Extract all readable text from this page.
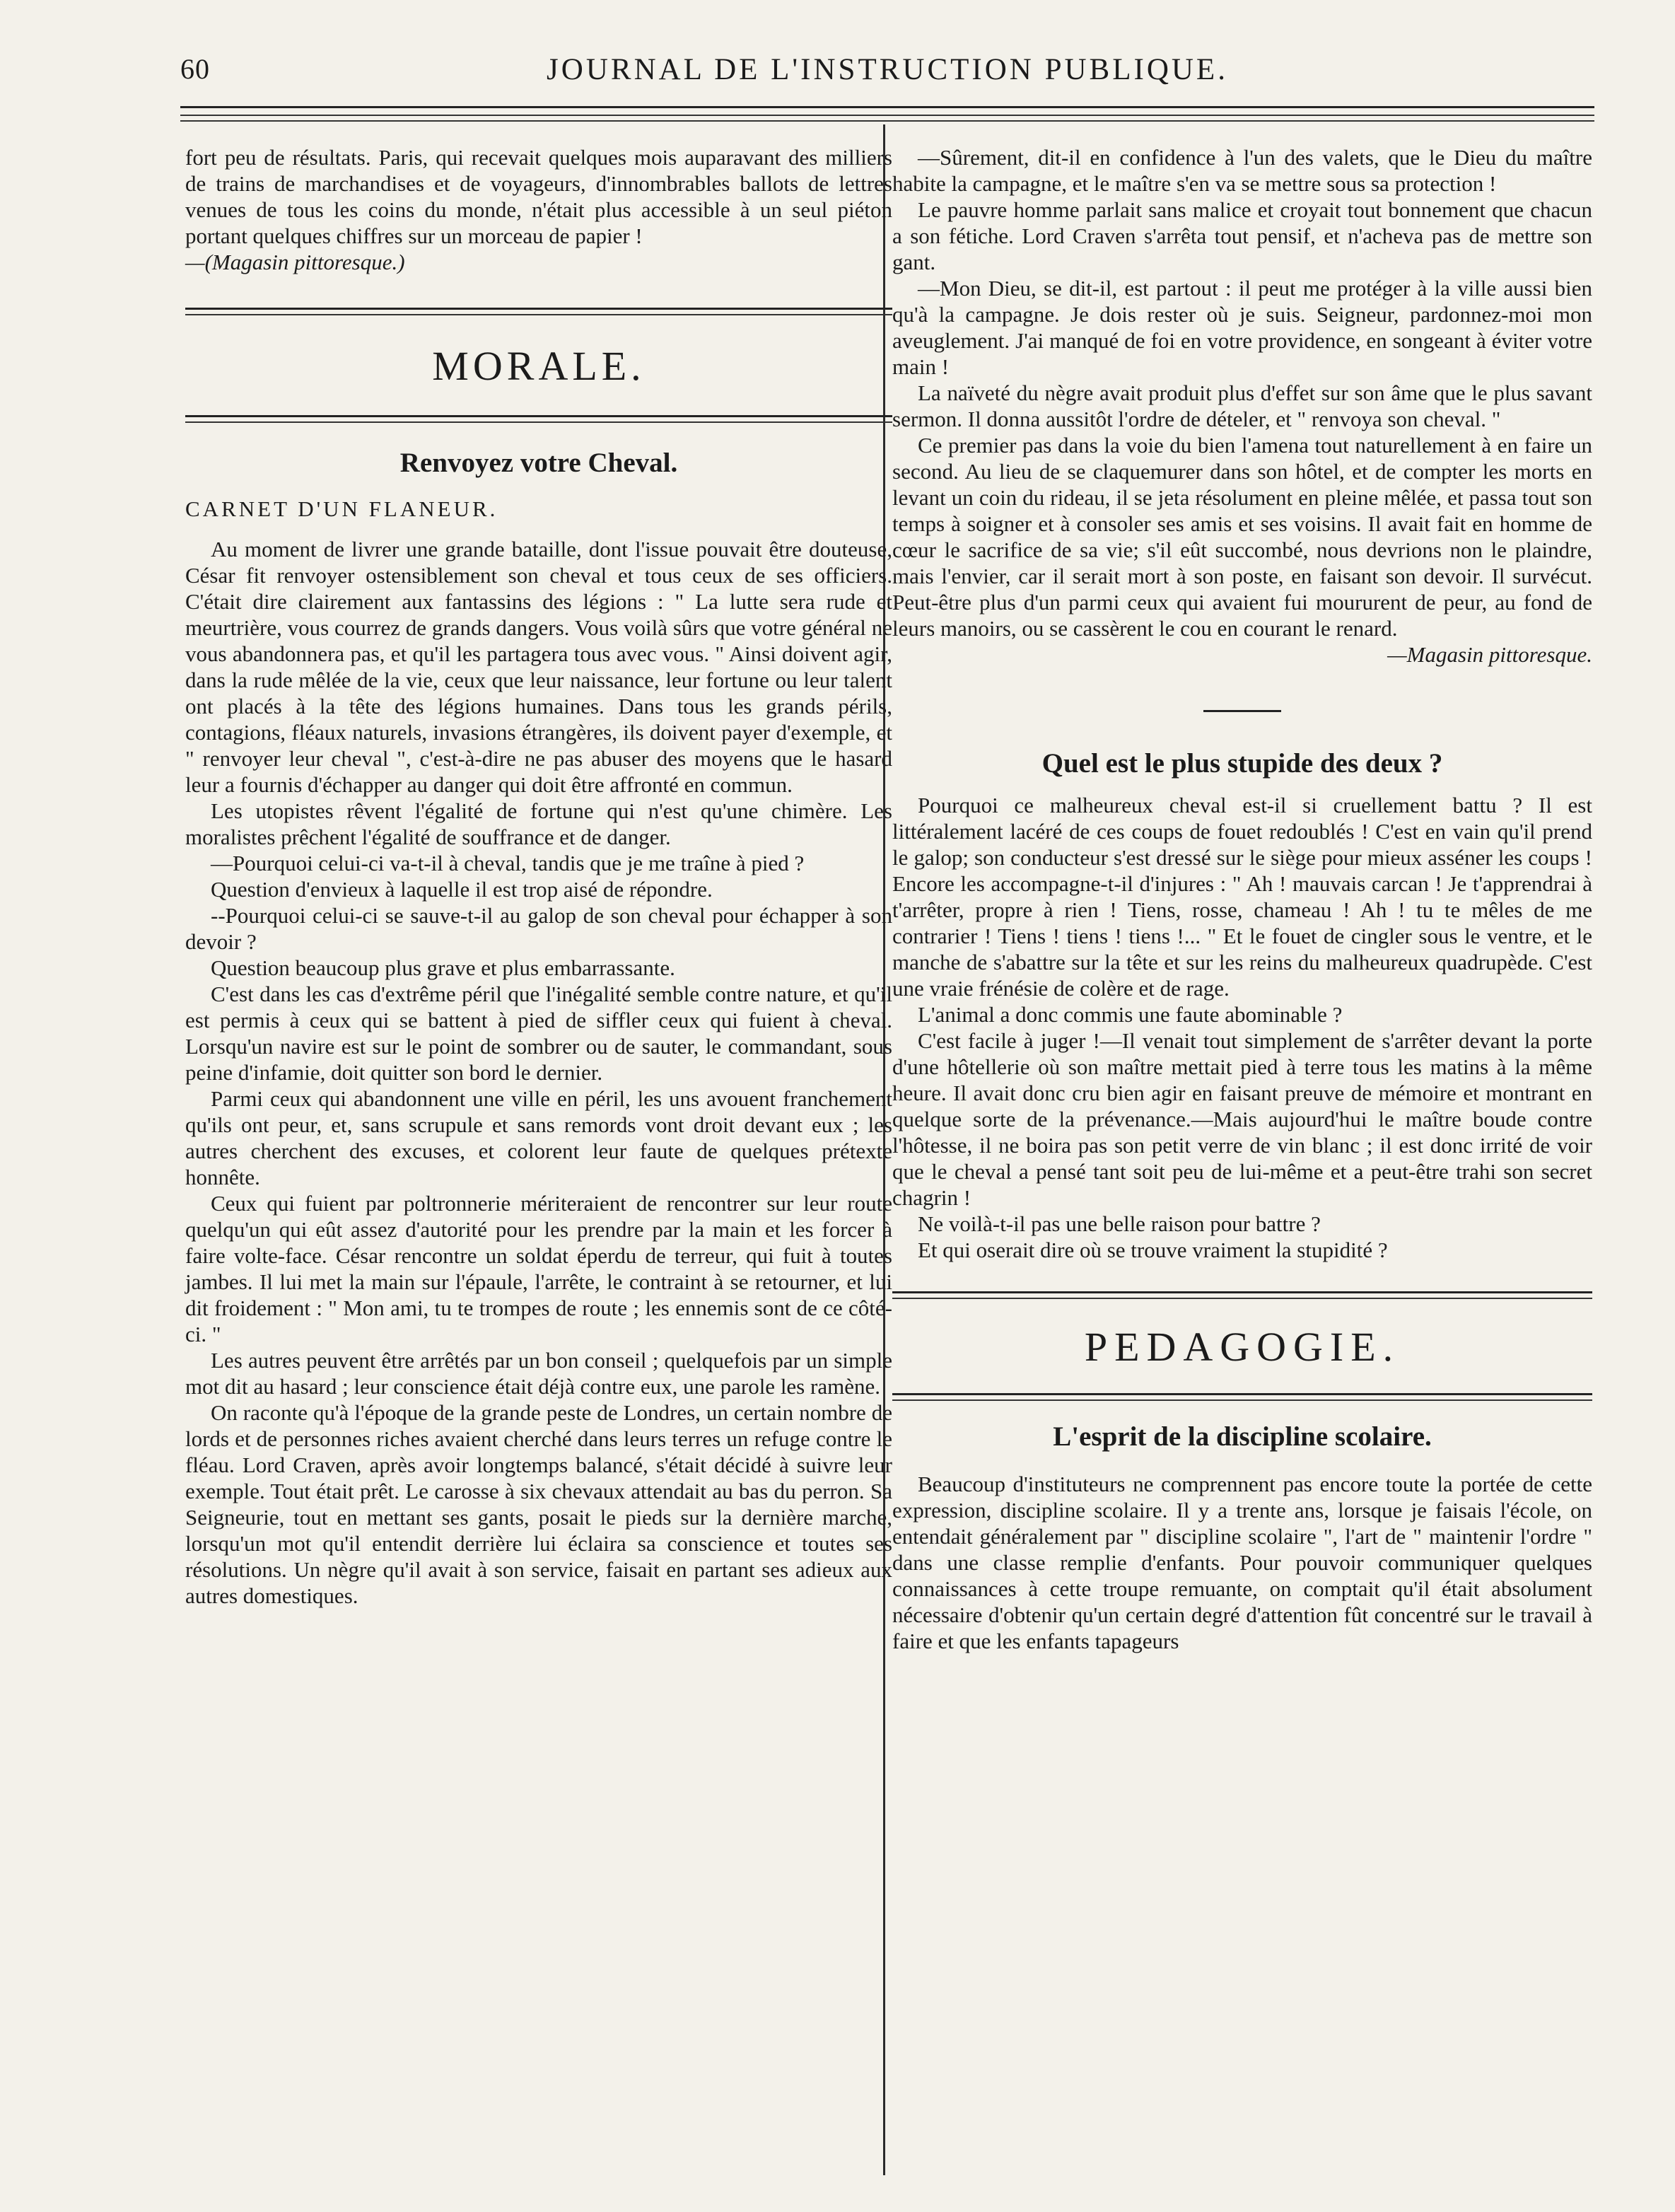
60	JOURNAL DE L'INSTRUCTION PUBLIQUE.

fort peu de résultats. Paris, qui recevait quelques mois auparavant des milliers de trains de marchandises et de voyageurs, d'innombrables ballots de lettres venues de tous les coins du monde, n'était plus accessible à un seul piéton portant quelques chiffres sur un morceau de papier !

—(Magasin pittoresque.)

MORALE.
Renvoyez votre Cheval.

CARNET D'UN FLANEUR.

Au moment de livrer une grande bataille, dont l'issue pouvait être douteuse, César fit renvoyer ostensiblement son cheval et tous ceux de ses officiers. C'était dire clairement aux fantassins des légions : " La lutte sera rude et meurtrière, vous courrez de grands dangers. Vous voilà sûrs que votre général ne vous abandonnera pas, et qu'il les partagera tous avec vous. " Ainsi doivent agir, dans la rude mêlée de la vie, ceux que leur naissance, leur fortune ou leur talent ont placés à la tête des légions humaines. Dans tous les grands périls, contagions, fléaux naturels, invasions étrangères, ils doivent payer d'exemple, et " renvoyer leur cheval ", c'est-à-dire ne pas abuser des moyens que le hasard leur a fournis d'échapper au danger qui doit être affronté en commun.

Les utopistes rêvent l'égalité de fortune qui n'est qu'une chimère. Les moralistes prêchent l'égalité de souffrance et de danger.

—Pourquoi celui-ci va-t-il à cheval, tandis que je me traîne à pied ?

Question d'envieux à laquelle il est trop aisé de répondre.

--Pourquoi celui-ci se sauve-t-il au galop de son cheval pour échapper à son devoir ?

Question beaucoup plus grave et plus embarrassante.

C'est dans les cas d'extrême péril que l'inégalité semble contre nature, et qu'il est permis à ceux qui se battent à pied de siffler ceux qui fuient à cheval. Lorsqu'un navire est sur le point de sombrer ou de sauter, le commandant, sous peine d'infamie, doit quitter son bord le dernier.

Parmi ceux qui abandonnent une ville en péril, les uns avouent franchement qu'ils ont peur, et, sans scrupule et sans remords vont droit devant eux ; les autres cherchent des excuses, et colorent leur faute de quelques prétexte honnête.

Ceux qui fuient par poltronnerie mériteraient de rencontrer sur leur route quelqu'un qui eût assez d'autorité pour les prendre par la main et les forcer à faire volte-face. César rencontre un soldat éperdu de terreur, qui fuit à toutes jambes. Il lui met la main sur l'épaule, l'arrête, le contraint à se retourner, et lui dit froidement : " Mon ami, tu te trompes de route ; les ennemis sont de ce côté-ci. "

Les autres peuvent être arrêtés par un bon conseil ; quelquefois par un simple mot dit au hasard ; leur conscience était déjà contre eux, une parole les ramène.

On raconte qu'à l'époque de la grande peste de Londres, un certain nombre de lords et de personnes riches avaient cherché dans leurs terres un refuge contre le fléau. Lord Craven, après avoir longtemps balancé, s'était décidé à suivre leur exemple. Tout était prêt. Le carosse à six chevaux attendait au bas du perron. Sa Seigneurie, tout en mettant ses gants, posait le pieds sur la dernière marche, lorsqu'un mot qu'il entendit derrière lui éclaira sa conscience et toutes ses résolutions. Un nègre qu'il avait à son service, faisait en partant ses adieux aux autres domestiques.

—Sûrement, dit-il en confidence à l'un des valets, que le Dieu du maître habite la campagne, et le maître s'en va se mettre sous sa protection !

Le pauvre homme parlait sans malice et croyait tout bonnement que chacun a son fétiche. Lord Craven s'arrêta tout pensif, et n'acheva pas de mettre son gant.

—Mon Dieu, se dit-il, est partout : il peut me protéger à la ville aussi bien qu'à la campagne. Je dois rester où je suis. Seigneur, pardonnez-moi mon aveuglement. J'ai manqué de foi en votre providence, en songeant à éviter votre main !

La naïveté du nègre avait produit plus d'effet sur son âme que le plus savant sermon. Il donna aussitôt l'ordre de dételer, et " renvoya son cheval. "

Ce premier pas dans la voie du bien l'amena tout naturellement à en faire un second. Au lieu de se claquemurer dans son hôtel, et de compter les morts en levant un coin du rideau, il se jeta résolument en pleine mêlée, et passa tout son temps à soigner et à consoler ses amis et ses voisins. Il avait fait en homme de cœur le sacrifice de sa vie; s'il eût succombé, nous devrions non le plaindre, mais l'envier, car il serait mort à son poste, en faisant son devoir. Il survécut. Peut-être plus d'un parmi ceux qui avaient fui moururent de peur, au fond de leurs manoirs, ou se cassèrent le cou en courant le renard.

—Magasin pittoresque.

Quel est le plus stupide des deux ?

Pourquoi ce malheureux cheval est-il si cruellement battu ? Il est littéralement lacéré de ces coups de fouet redoublés ! C'est en vain qu'il prend le galop; son conducteur s'est dressé sur le siège pour mieux asséner les coups ! Encore les accompagne-t-il d'injures : " Ah ! mauvais carcan ! Je t'apprendrai à t'arrêter, propre à rien ! Tiens, rosse, chameau ! Ah ! tu te mêles de me contrarier ! Tiens ! tiens ! tiens !... " Et le fouet de cingler sous le ventre, et le manche de s'abattre sur la tête et sur les reins du malheureux quadrupède. C'est une vraie frénésie de colère et de rage.

L'animal a donc commis une faute abominable ?

C'est facile à juger !—Il venait tout simplement de s'arrêter devant la porte d'une hôtellerie où son maître mettait pied à terre tous les matins à la même heure. Il avait donc cru bien agir en faisant preuve de mémoire et montrant en quelque sorte de la prévenance.—Mais aujourd'hui le maître boude contre l'hôtesse, il ne boira pas son petit verre de vin blanc ; il est donc irrité de voir que le cheval a pensé tant soit peu de lui-même et a peut-être trahi son secret chagrin !

Ne voilà-t-il pas une belle raison pour battre ?

Et qui oserait dire où se trouve vraiment la stupidité ?

PEDAGOGIE.
L'esprit de la discipline scolaire.

Beaucoup d'instituteurs ne comprennent pas encore toute la portée de cette expression, discipline scolaire. Il y a trente ans, lorsque je faisais l'école, on entendait généralement par " discipline scolaire ", l'art de " maintenir l'ordre " dans une classe remplie d'enfants. Pour pouvoir communiquer quelques connaissances à cette troupe remuante, on comptait qu'il était absolument nécessaire d'obtenir qu'un certain degré d'attention fût concentré sur le travail à faire et que les enfants tapageurs
